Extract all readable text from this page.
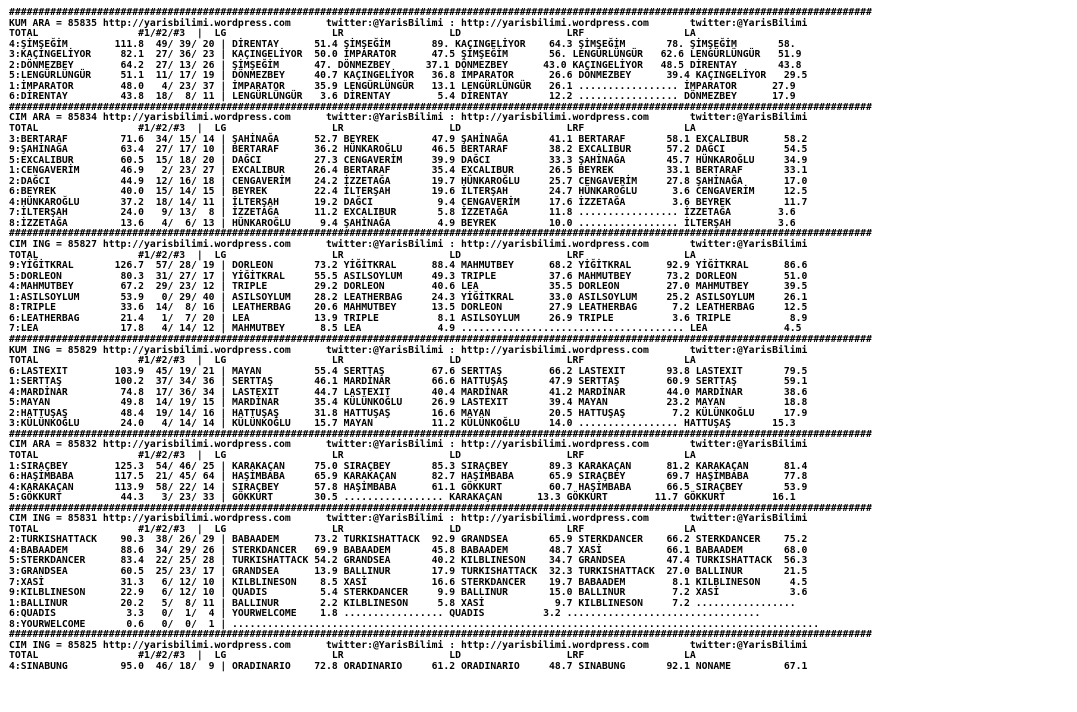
###################################################################################################################################################
KUM ARA = 85835 http://yarisbilimi.wordpress.com      twitter:@YarisBilimi : http://yarisbilimi.wordpress.com       twitter:@YarisBilimi
TOTAL                 #1/#2/#3  |  LG                  LR                  LD                  LRF                 LA
4:ŞİMŞEĞİM        111.8  49/ 39/ 20 | DİRENTAY      51.4 ŞİMŞEĞİM       89. KAÇINGELİYOR    64.3 ŞİMŞEĞİM       78. ŞİMŞEĞİM       58.
3:KAÇINGELİYOR     82.1  27/ 36/ 23 | KAÇINGELİYOR  50.0 İMPARATOR      47.5 ŞİMŞEĞİM       56. LENGÜRLÜNGÜR   62.6 LENGÜRLÜNGÜR   51.9
2:DÖNMEZBEY        64.2  27/ 13/ 26 | ŞİMŞEĞİM      47. DÖNMEZBEY      37.1 DÖNMEZBEY      43.0 KAÇINGELİYOR   48.5 DİRENTAY       43.8
5:LENGÜRLÜNGÜR     51.1  11/ 17/ 19 | DÖNMEZBEY     40.7 KAÇINGELİYOR   36.8 İMPARATOR      26.6 DÖNMEZBEY      39.4 KAÇINGELİYOR   29.5
1:İMPARATOR        48.0   4/ 23/ 37 | İMPARATOR     35.9 LENGÜRLÜNGÜR   13.1 LENGÜRLÜNGÜR   26.1 ................. İMPARATOR      27.9
6:DİRENTAY         43.8  18/  8/ 11 | LENGÜRLÜNGÜR   3.6 DİRENTAY        5.4 DİRENTAY       12.2 ................. DÖNMEZBEY      17.9
###################################################################################################################################################
CIM ARA = 85834 http://yarisbilimi.wordpress.com      twitter:@YarisBilimi : http://yarisbilimi.wordpress.com       twitter:@YarisBilimi
TOTAL                 #1/#2/#3  |  LG                  LR                  LD                  LRF                 LA
3:BERTARAF         71.6  34/ 15/ 14 | ŞAHİNAĞA      52.7 BEYREK         47.9 ŞAHİNAĞA       41.1 BERTARAF       58.1 EXCALIBUR      58.2
9:ŞAHİNAĞA         63.4  27/ 17/ 10 | BERTARAF      36.2 HÜNKAROĞLU     46.5 BERTARAF       38.2 EXCALIBUR      57.2 DAĞCI          54.5
5:EXCALIBUR        60.5  15/ 18/ 20 | DAĞCI         27.3 CENGAVERİM     39.9 DAĞCI          33.3 ŞAHİNAĞA       45.7 HÜNKAROĞLU     34.9
1:CENGAVERİM       46.9   2/ 23/ 27 | EXCALIBUR     26.4 BERTARAF       35.4 EXCALIBUR      26.5 BEYREK         33.1 BERTARAF       33.1
2:DAĞCI            44.9  12/ 16/ 18 | CENGAVERİM    24.2 İZZETAĞA       19.7 HÜNKAROĞLU     25.7 CENGAVERİM     27.8 ŞAHİNAĞA       17.0
6:BEYREK           40.0  15/ 14/ 15 | BEYREK        22.4 İLTERŞAH       19.6 İLTERŞAH       24.7 HÜNKAROĞLU      3.6 CENGAVERİM     12.5
4:HÜNKAROĞLU       37.2  18/ 14/ 11 | İLTERŞAH      19.2 DAĞCI           9.4 CENGAVERİM     17.6 İZZETAĞA        3.6 BEYREK         11.7
7:İLTERŞAH         24.0   9/ 13/  8 | İZZETAĞA      11.2 EXCALIBUR       5.8 İZZETAĞA       11.8 ................. İZZETAĞA        3.6
8:İZZETAĞA         13.6   4/  6/ 13 | HÜNKAROĞLU     9.4 ŞAHİNAĞA        4.9 BEYREK         10.0 ................. İLTERŞAH        3.6
###################################################################################################################################################
CIM ING = 85827 http://yarisbilimi.wordpress.com      twitter:@YarisBilimi : http://yarisbilimi.wordpress.com       twitter:@YarisBilimi
TOTAL                 #1/#2/#3  |  LG                  LR                  LD                  LRF                 LA
9:YİĞİTKRAL       126.7  57/ 28/ 19 | DORLEON       73.2 YİĞİTKRAL      88.4 MAHMUTBEY      68.2 YİĞİTKRAL      92.9 YİĞİTKRAL      86.6
5:DORLEON          80.3  31/ 27/ 17 | YİĞİTKRAL     55.5 ASILSOYLUM     49.3 TRIPLE         37.6 MAHMUTBEY      73.2 DORLEON        51.0
4:MAHMUTBEY        67.2  29/ 23/ 12 | TRIPLE        29.2 DORLEON        40.6 LEA            35.5 DORLEON        27.0 MAHMUTBEY      39.5
1:ASILSOYLUM       53.9   0/ 29/ 40 | ASILSOYLUM    28.2 LEATHERBAG     24.3 YİĞİTKRAL      33.0 ASILSOYLUM     25.2 ASILSOYLUM     26.1
8:TRIPLE           33.6  14/  8/ 16 | LEATHERBAG    20.6 MAHMUTBEY      13.5 DORLEON        27.9 LEATHERBAG      7.2 LEATHERBAG     12.5
6:LEATHERBAG       21.4   1/  7/ 20 | LEA           13.9 TRIPLE          8.1 ASILSOYLUM     26.9 TRIPLE          3.6 TRIPLE          8.9
7:LEA              17.8   4/ 14/ 12 | MAHMUTBEY      8.5 LEA             4.9 ...................................... LEA             4.5
###################################################################################################################################################
KUM ING = 85829 http://yarisbilimi.wordpress.com      twitter:@YarisBilimi : http://yarisbilimi.wordpress.com       twitter:@YarisBilimi
TOTAL                 #1/#2/#3  |  LG                  LR                  LD                  LRF                 LA
6:LASTEXIT        103.9  45/ 19/ 21 | MAYAN         55.4 SERTTAŞ        67.6 SERTTAŞ        66.2 LASTEXIT       93.8 LASTEXIT       79.5
1:SERTTAŞ         100.2  37/ 34/ 36 | SERTTAŞ       46.1 MARDİNAR       66.6 HATTUŞAŞ       47.9 SERTTAŞ        60.9 SERTTAŞ        59.1
4:MARDİNAR         74.8  17/ 36/ 34 | LASTEXIT      44.7 LASTEXIT       40.4 MARDİNAR       41.2 MARDİNAR       44.0 MARDİNAR       38.6
5:MAYAN            49.8  14/ 19/ 15 | MARDİNAR      35.4 KÜLÜNKOĞLU     26.9 LASTEXIT       39.4 MAYAN          23.2 MAYAN          18.8
2:HATTUŞAŞ         48.4  19/ 14/ 16 | HATTUŞAŞ      31.8 HATTUŞAŞ       16.6 MAYAN          20.5 HATTUŞAŞ        7.2 KÜLÜNKOĞLU     17.9
3:KÜLÜNKOĞLU       24.0   4/ 14/ 14 | KÜLÜNKOĞLU    15.7 MAYAN          11.2 KÜLÜNKOĞLU     14.0 ................. HATTUŞAŞ       15.3
###################################################################################################################################################
CIM ARA = 85832 http://yarisbilimi.wordpress.com      twitter:@YarisBilimi : http://yarisbilimi.wordpress.com       twitter:@YarisBilimi
TOTAL                 #1/#2/#3  |  LG                  LR                  LD                  LRF                 LA
1:SIRAÇBEY        125.3  54/ 46/ 25 | KARAKAÇAN     75.0 SIRAÇBEY       85.3 SIRAÇBEY       89.3 KARAKAÇAN      81.2 KARAKAÇAN      81.4
6:HAŞİMBABA       117.5  21/ 45/ 64 | HAŞİMBABA     65.9 KARAKAÇAN      82.7 HAŞİMBABA      65.9 SIRAÇBEY       69.7 HAŞİMBABA      77.8
4:KARAKAÇAN       113.9  58/ 22/ 14 | SIRAÇBEY      57.8 HAŞİMBABA      61.1 GÖKKURT        60.7 HAŞİMBABA      66.5 SIRAÇBEY       53.9
5:GÖKKURT          44.3   3/ 23/ 33 | GÖKKURT       30.5 ................. KARAKAÇAN      13.3 GÖKKURT        11.7 GÖKKURT        16.1
###################################################################################################################################################
CIM ING = 85831 http://yarisbilimi.wordpress.com      twitter:@YarisBilimi : http://yarisbilimi.wordpress.com       twitter:@YarisBilimi
TOTAL                 #1/#2/#3  |  LG                  LR                  LD                  LRF                 LA
2:TURKISHATTACK    90.3  38/ 26/ 29 | BABAADEM      73.2 TURKISHATTACK  92.9 GRANDSEA       65.9 STERKDANCER    66.2 STERKDANCER    75.2
4:BABAADEM         88.6  34/ 29/ 26 | STERKDANCER   69.9 BABAADEM       45.8 BABAADEM       48.7 XASİ           66.1 BABAADEM       68.0
5:STERKDANCER      83.4  22/ 25/ 28 | TURKISHATTACK 54.2 GRANDSEA       40.2 KILBLINESON    34.7 GRANDSEA       47.4 TURKISHATTACK  56.3
3:GRANDSEA         60.5  25/ 23/ 17 | GRANDSEA      13.9 BALLINUR       17.9 TURKISHATTACK  32.3 TURKISHATTACK  27.0 BALLINUR       21.5
7:XASİ             31.3   6/ 12/ 10 | KILBLINESON    8.5 XASİ           16.6 STERKDANCER    19.7 BABAADEM        8.1 KILBLINESON     4.5
9:KILBLINESON      22.9   6/ 12/ 10 | QUADIS         5.4 STERKDANCER     9.9 BALLINUR       15.0 BALLINUR        7.2 XASİ            3.6
1:BALLINUR         20.2   5/  8/ 11 | BALLINUR       2.2 KILBLINESON     5.8 XASİ            9.7 KILBLINESON     7.2 .................
6:QUADIS            3.3   0/  1/  4 | YOURWELCOME    1.8 ................. QUADIS          3.2 .................................
8:YOURWELCOME       0.6   0/  0/  1 | ....................................................................................................
###################################################################################################################################################
CIM ING = 85825 http://yarisbilimi.wordpress.com      twitter:@YarisBilimi : http://yarisbilimi.wordpress.com       twitter:@YarisBilimi
TOTAL                 #1/#2/#3  |  LG                  LR                  LD                  LRF                 LA
4:SINABUNG         95.0  46/ 18/  9 | ORADINARIO    72.8 ORADINARIO     61.2 ORADINARIO     48.7 SINABUNG       92.1 NONAME         67.1
